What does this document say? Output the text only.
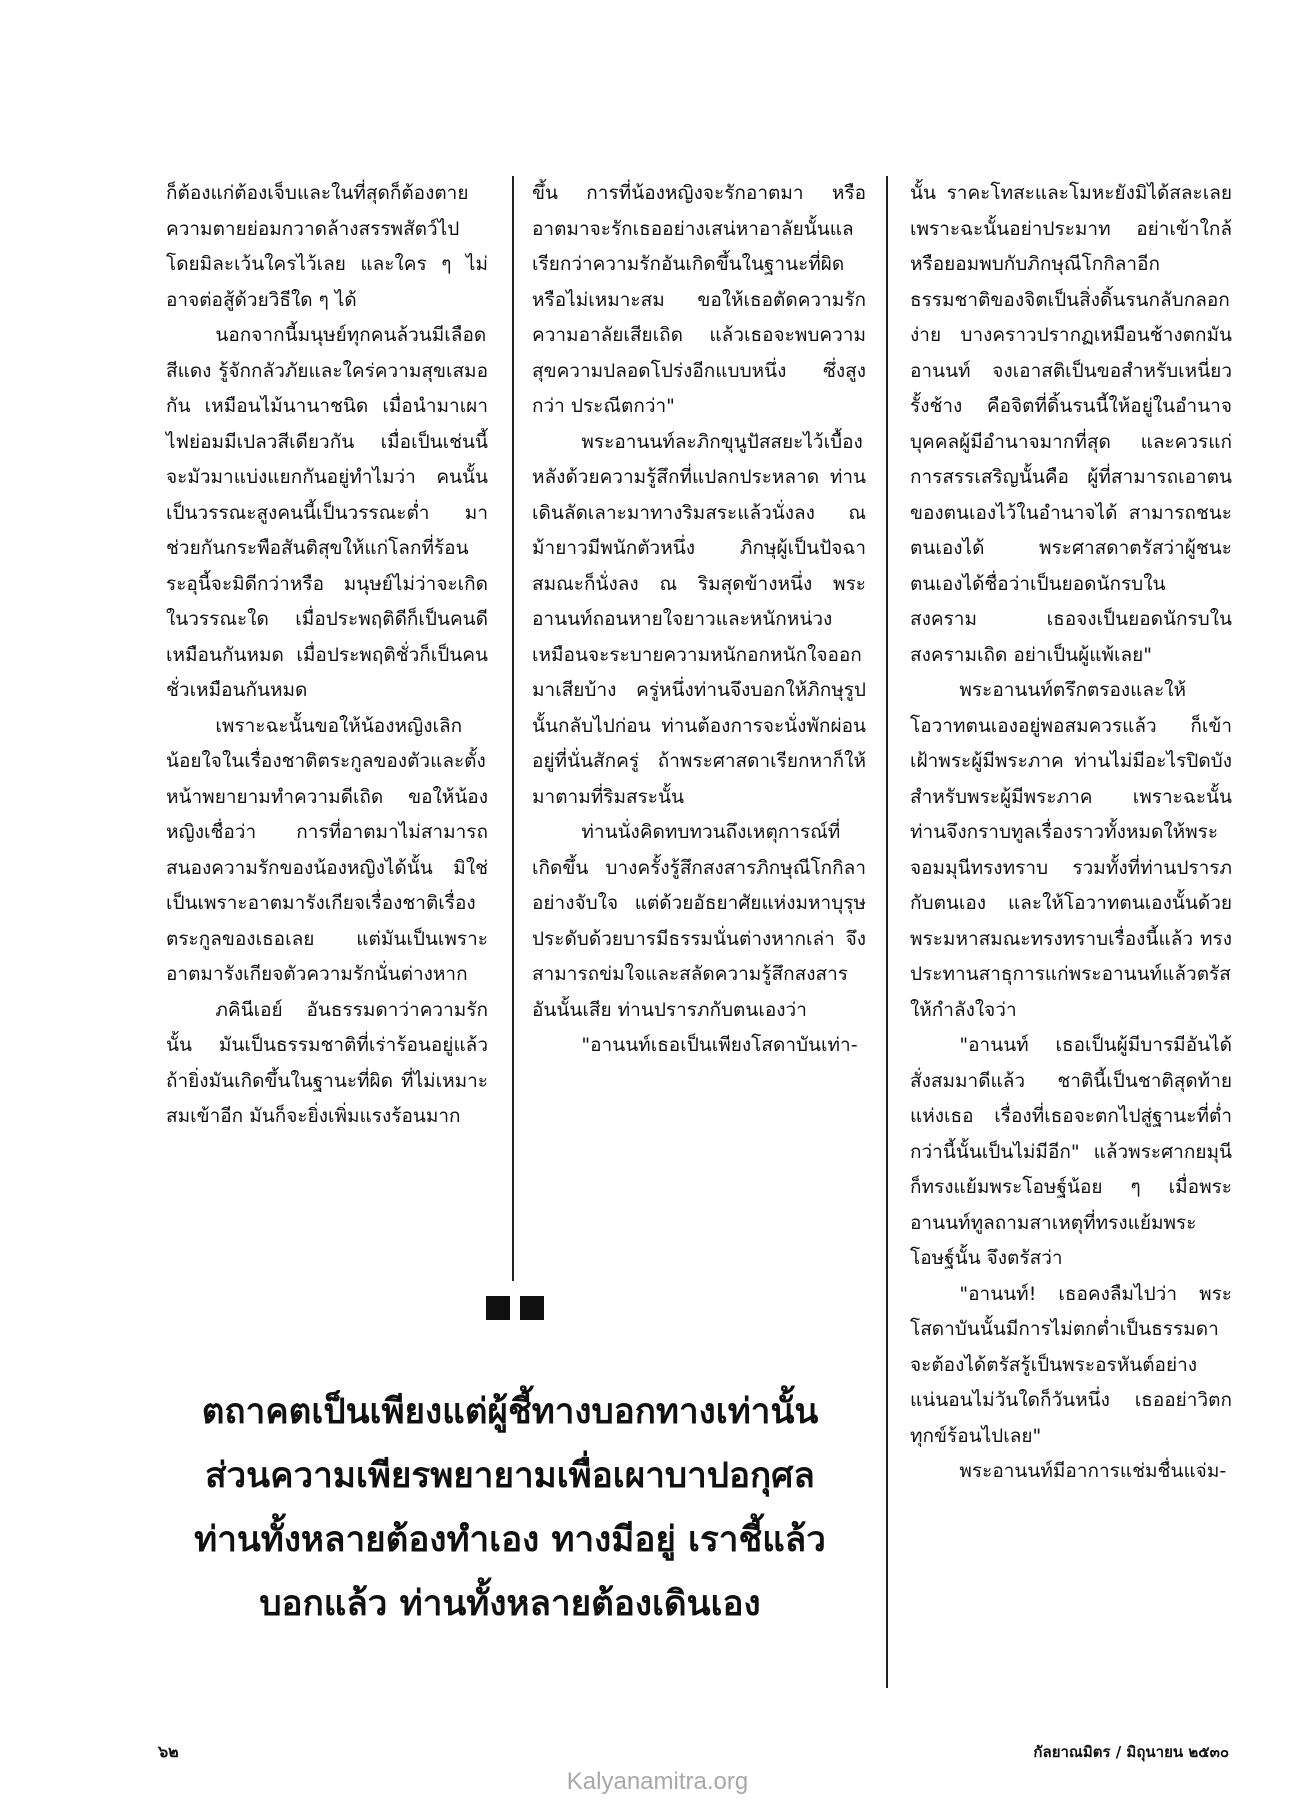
ก็ต้องแก่ต้องเจ็บและในที่สุดก็ต้องตาย ความตายย่อมกวาดล้างสรรพสัตว์ไป โดยมิละเว้นใครไว้เลย และใคร ๆ ไม่อาจต่อสู้ด้วยวิธีใด ๆ ได้

นอกจากนี้มนุษย์ทุกคนล้วนมีเลือดสีแดง รู้จักกลัวภัยและใคร่ความสุขเสมอกัน เหมือนไม้นานาชนิด เมื่อนำมาเผาไฟย่อมมีเปลวสีเดียวกัน เมื่อเป็นเช่นนี้ จะมัวมาแบ่งแยกกันอยู่ทำไมว่า คนนั้นเป็นวรรณะสูงคนนี้เป็นวรรณะต่ำ มาช่วยกันกระพือสันติสุขให้แก่โลกที่ร้อนระอุนี้จะมิดีกว่าหรือ มนุษย์ไม่ว่าจะเกิดในวรรณะใด เมื่อประพฤติดีก็เป็นคนดีเหมือนกันหมด เมื่อประพฤติชั่วก็เป็นคนชั่วเหมือนกันหมด

เพราะฉะนั้นขอให้น้องหญิงเลิกน้อยใจในเรื่องชาติตระกูลของตัวและตั้งหน้าพยายามทำความดีเถิด ขอให้น้องหญิงเชื่อว่า การที่อาตมาไม่สามารถสนองความรักของน้องหญิงได้นั้น มิใช่เป็นเพราะอาตมารังเกียจเรื่องชาติเรื่องตระกูลของเธอเลย แต่มันเป็นเพราะอาตมารังเกียจตัวความรักนั่นต่างหาก

ภคินีเอย์ อันธรรมดาว่าความรักนั้น มันเป็นธรรมชาติที่เร่าร้อนอยู่แล้ว ถ้ายิ่งมันเกิดขึ้นในฐานะที่ผิด ที่ไม่เหมาะสมเข้าอีก มันก็จะยิ่งเพิ่มแรงร้อนมาก

ขึ้น การที่น้องหญิงจะรักอาตมา หรืออาตมาจะรักเธออย่างเสน่หาอาลัยนั้นแลเรียกว่าความรักอันเกิดขึ้นในฐานะที่ผิดหรือไม่เหมาะสม ขอให้เธอตัดความรักความอาลัยเสียเถิด แล้วเธอจะพบความสุขความปลอดโปร่งอีกแบบหนึ่ง ซึ่งสูงกว่า ประณีตกว่า"

พระอานนท์ละภิกขุนูปัสสยะไว้เบื้องหลังด้วยความรู้สึกที่แปลกประหลาด ท่านเดินลัดเลาะมาทางริมสระแล้วนั่งลง ณ ม้ายาวมีพนักตัวหนึ่ง ภิกษุผู้เป็นปัจฉาสมณะก็นั่งลง ณ ริมสุดข้างหนึ่ง พระอานนท์ถอนหายใจยาวและหนักหน่วง เหมือนจะระบายความหนักอกหนักใจออกมาเสียบ้าง ครู่หนึ่งท่านจึงบอกให้ภิกษุรูปนั้นกลับไปก่อน ท่านต้องการจะนั่งพักผ่อนอยู่ที่นั่นสักครู่ ถ้าพระศาสดาเรียกหาก็ให้มาตามที่ริมสระนั้น

ท่านนั่งคิดทบทวนถึงเหตุการณ์ที่เกิดขึ้น บางครั้งรู้สึกสงสารภิกษุณีโกกิลาอย่างจับใจ แต่ด้วยอัธยาศัยแห่งมหาบุรุษประดับด้วยบารมีธรรมนั่นต่างหากเล่า จึงสามารถข่มใจและสลัดความรู้สึกสงสารอันนั้นเสีย ท่านปรารภกับตนเองว่า

"อานนท์เธอเป็นเพียงโสดาบันเท่า-

นั้น ราคะโทสะและโมหะยังมิได้สละเลย เพราะฉะนั้นอย่าประมาท อย่าเข้าใกล้หรือยอมพบกับภิกษุณีโกกิลาอีก ธรรมชาติของจิตเป็นสิ่งดิ้นรนกลับกลอกง่าย บางคราวปรากฏเหมือนช้างตกมัน อานนท์ จงเอาสติเป็นขอสำหรับเหนี่ยวรั้งช้าง คือจิตที่ดิ้นรนนี้ให้อยู่ในอำนาจ บุคคลผู้มีอำนาจมากที่สุด และควรแก่การสรรเสริญนั้นคือ ผู้ที่สามารถเอาตนของตนเองไว้ในอำนาจได้ สามารถชนะตนเองได้ พระศาสดาตรัสว่าผู้ชนะตนเองได้ชื่อว่าเป็นยอดนักรบในสงคราม เธอจงเป็นยอดนักรบในสงครามเถิด อย่าเป็นผู้แพ้เลย"

พระอานนท์ตรึกตรองและให้โอวาทตนเองอยู่พอสมควรแล้ว ก็เข้าเฝ้าพระผู้มีพระภาค ท่านไม่มีอะไรปิดบังสำหรับพระผู้มีพระภาค เพราะฉะนั้นท่านจึงกราบทูลเรื่องราวทั้งหมดให้พระจอมมุนีทรงทราบ รวมทั้งที่ท่านปรารภกับตนเอง และให้โอวาทตนเองนั้นด้วย พระมหาสมณะทรงทราบเรื่องนี้แล้ว ทรงประทานสาธุการแก่พระอานนท์แล้วตรัสให้กำลังใจว่า

"อานนท์ เธอเป็นผู้มีบารมีอันได้สั่งสมมาดีแล้ว ชาตินี้เป็นชาติสุดท้ายแห่งเธอ เรื่องที่เธอจะตกไปสู่ฐานะที่ต่ำกว่านี้นั้นเป็นไม่มีอีก" แล้วพระศากยมุนีก็ทรงแย้มพระโอษฐ์น้อย ๆ เมื่อพระอานนท์ทูลถามสาเหตุที่ทรงแย้มพระโอษฐ์นั้น จึงตรัสว่า

"อานนท์! เธอคงลืมไปว่า พระโสดาบันนั้นมีการไม่ตกต่ำเป็นธรรมดา จะต้องได้ตรัสรู้เป็นพระอรหันต์อย่างแน่นอนไม่วันใดก็วันหนึ่ง เธออย่าวิตกทุกข์ร้อนไปเลย"

พระอานนท์มีอาการแช่มชื่นแจ่ม-

ตถาคตเป็นเพียงแต่ผู้ชี้ทางบอกทางเท่านั้น
ส่วนความเพียรพยายามเพื่อเผาบาปอกุศล
ท่านทั้งหลายต้องทำเอง ทางมีอยู่ เราชี้แล้ว
บอกแล้ว ท่านทั้งหลายต้องเดินเอง
๖๒	กัลยาณมิตร / มิถุนายน ๒๕๓๐
Kalyanamitra.org
